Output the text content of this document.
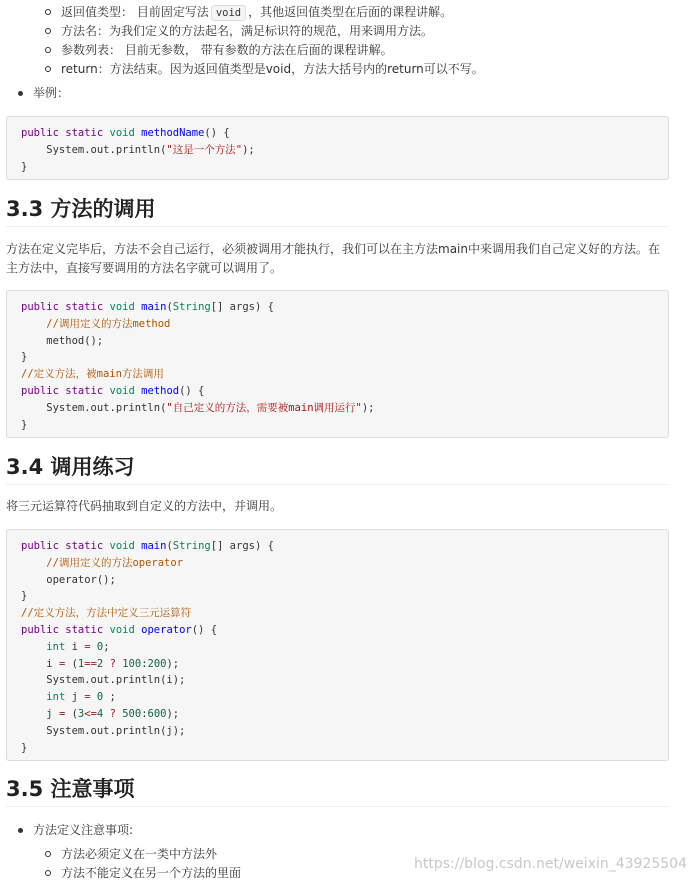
返回值类型： 目前固定写法 void ，其他返回值类型在后面的课程讲解。
方法名：为我们定义的方法起名，满足标识符的规范，用来调用方法。
参数列表： 目前无参数， 带有参数的方法在后面的课程讲解。
return：方法结束。因为返回值类型是void，方法大括号内的return可以不写。
举例：
public static void methodName() {
System.out.println("这是一个方法");
}
3.3 方法的调用
方法在定义完毕后，方法不会自己运行，必须被调用才能执行，我们可以在主方法main中来调用我们自己定义好的方法。在主方法中，直接写要调用的方法名字就可以调用了。
public static void main(String[] args) {
//调用定义的方法method
method();
}
//定义方法，被main方法调用
public static void method() {
System.out.println("自己定义的方法，需要被main调用运行");
}
3.4 调用练习
将三元运算符代码抽取到自定义的方法中，并调用。
public static void main(String[] args) {
//调用定义的方法operator
operator();
}
//定义方法，方法中定义三元运算符
public static void operator() {
int i = 0;
i = (1==2 ? 100:200);
System.out.println(i);
int j = 0 ;
j = (3<=4 ? 500:600);
System.out.println(j);
}
3.5 注意事项
方法定义注意事项:
方法必须定义在一类中方法外
方法不能定义在另一个方法的里面
https://blog.csdn.net/weixin_43925504
